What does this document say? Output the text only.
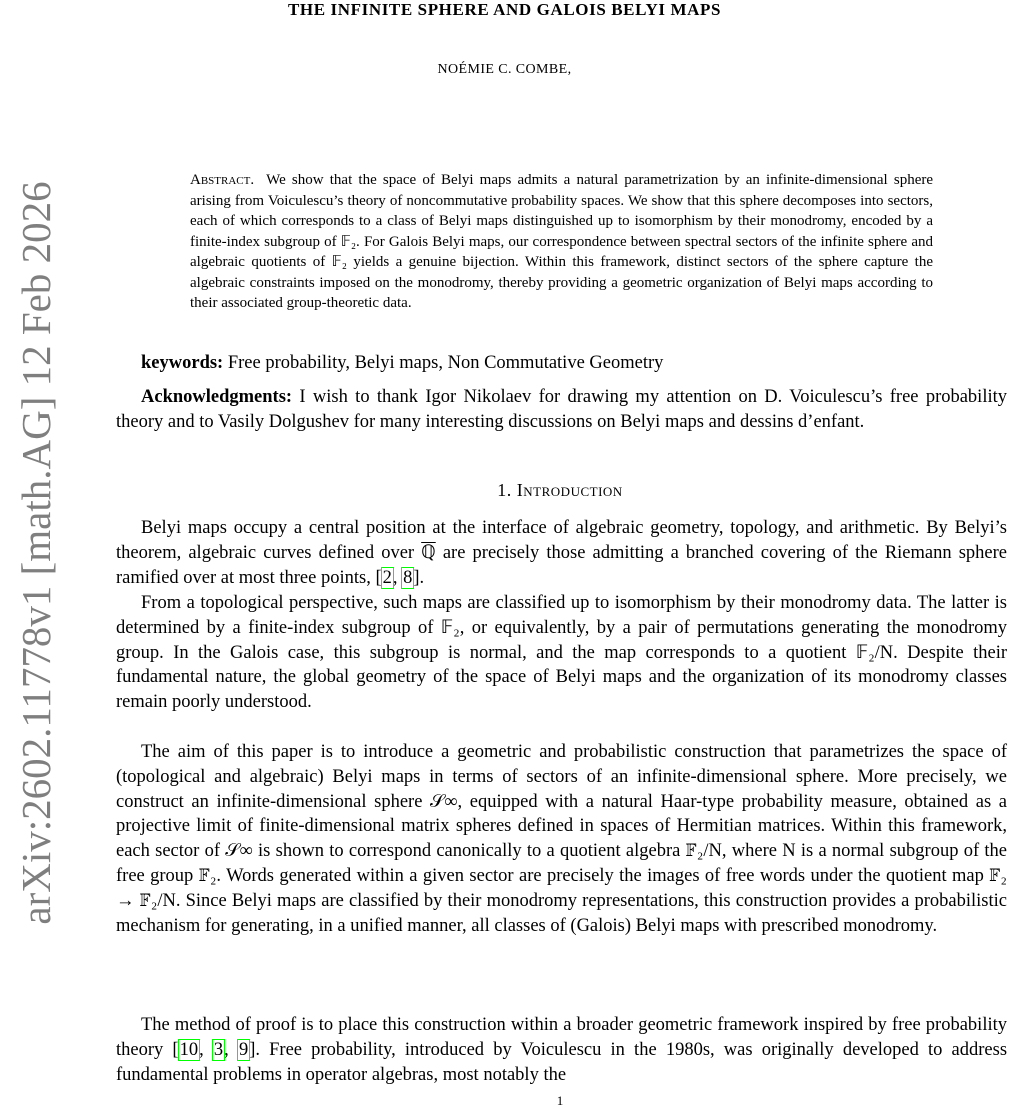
arXiv:2602.11778v1 [math.AG] 12 Feb 2026
THE INFINITE SPHERE AND GALOIS BELYI MAPS
NOÉMIE C. COMBE,
Abstract. We show that the space of Belyi maps admits a natural parametrization by an infinite-dimensional sphere arising from Voiculescu’s theory of noncommutative probability spaces. We show that this sphere decomposes into sectors, each of which corresponds to a class of Belyi maps distinguished up to isomorphism by their monodromy, encoded by a finite-index subgroup of 𝔽₂. For Galois Belyi maps, our correspondence between spectral sectors of the infinite sphere and algebraic quotients of 𝔽₂ yields a genuine bijection. Within this framework, distinct sectors of the sphere capture the algebraic constraints imposed on the monodromy, thereby providing a geometric organization of Belyi maps according to their associated group-theoretic data.
keywords: Free probability, Belyi maps, Non Commutative Geometry
Acknowledgments: I wish to thank Igor Nikolaev for drawing my attention on D. Voiculescu’s free probability theory and to Vasily Dolgushev for many interesting discussions on Belyi maps and dessins d’enfant.
1. Introduction
Belyi maps occupy a central position at the interface of algebraic geometry, topology, and arithmetic. By Belyi’s theorem, algebraic curves defined over ℚ are precisely those admitting a branched covering of the Riemann sphere ramified over at most three points, [2, 8].
From a topological perspective, such maps are classified up to isomorphism by their monodromy data. The latter is determined by a finite-index subgroup of 𝔽₂, or equivalently, by a pair of permutations generating the monodromy group. In the Galois case, this subgroup is normal, and the map corresponds to a quotient 𝔽₂/N. Despite their fundamental nature, the global geometry of the space of Belyi maps and the organization of its monodromy classes remain poorly understood.
The aim of this paper is to introduce a geometric and probabilistic construction that parametrizes the space of (topological and algebraic) Belyi maps in terms of sectors of an infinite-dimensional sphere. More precisely, we construct an infinite-dimensional sphere 𝒮∞, equipped with a natural Haar-type probability measure, obtained as a projective limit of finite-dimensional matrix spheres defined in spaces of Hermitian matrices. Within this framework, each sector of 𝒮∞ is shown to correspond canonically to a quotient algebra 𝔽₂/N, where N is a normal subgroup of the free group 𝔽₂. Words generated within a given sector are precisely the images of free words under the quotient map 𝔽₂ → 𝔽₂/N. Since Belyi maps are classified by their monodromy representations, this construction provides a probabilistic mechanism for generating, in a unified manner, all classes of (Galois) Belyi maps with prescribed monodromy.
The method of proof is to place this construction within a broader geometric framework inspired by free probability theory [10, 3, 9]. Free probability, introduced by Voiculescu in the 1980s, was originally developed to address fundamental problems in operator algebras, most notably the
1
